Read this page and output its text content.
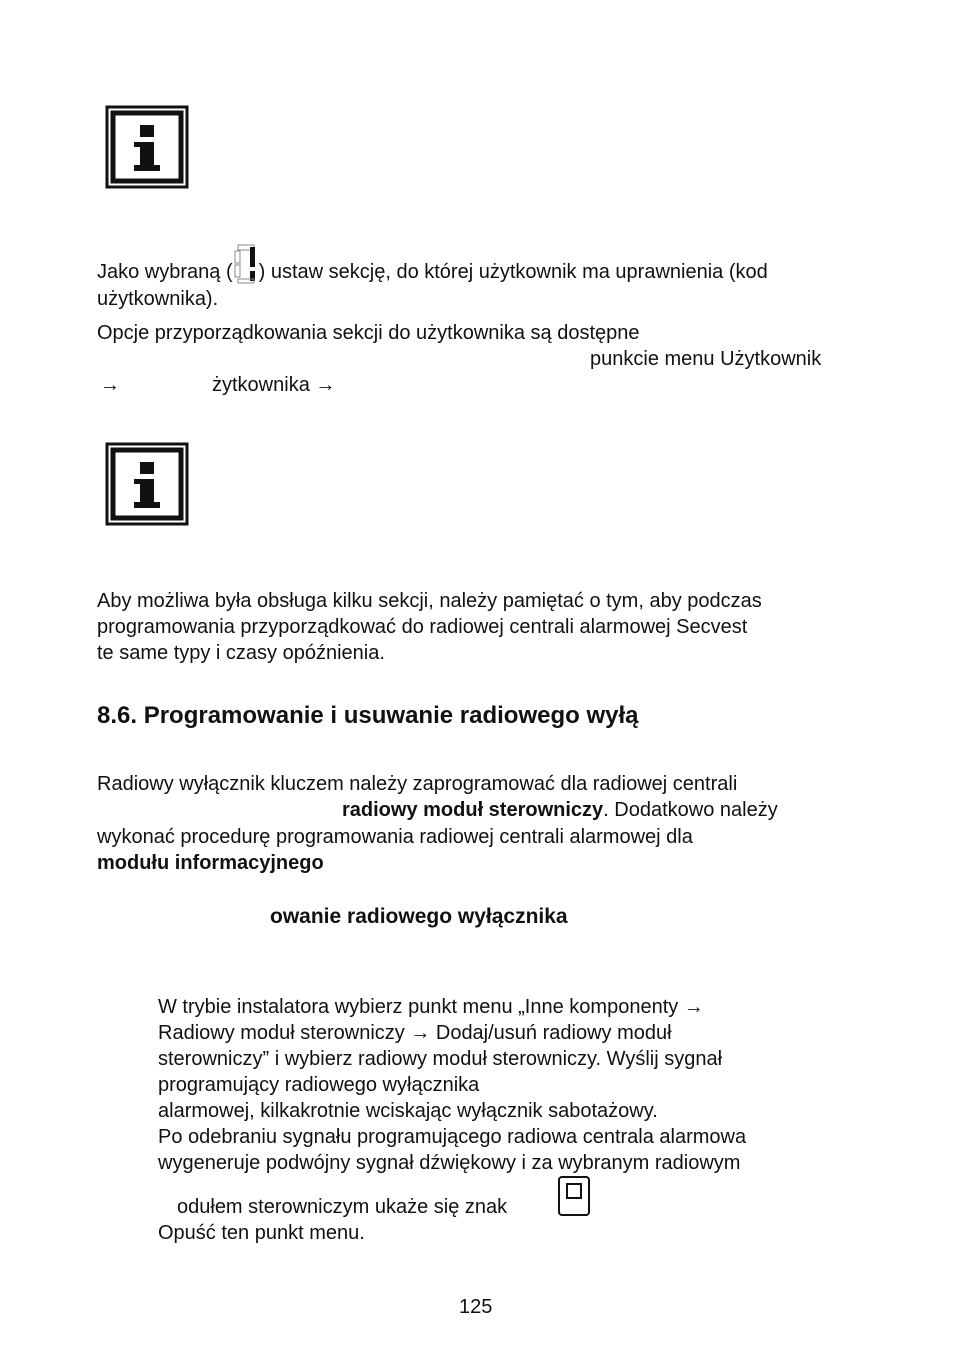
Jako wybraną ( ) ustaw sekcję, do której użytkownik ma uprawnienia (kod
użytkownika).
Opcje przyporządkowania sekcji do użytkownika są dostępne
punkcie menu Użytkownik
→	żytkownika →
Aby możliwa była obsługa kilku sekcji, należy pamiętać o tym, aby podczas
programowania przyporządkować do radiowej centrali alarmowej Secvest
te same typy i czasy opóźnienia.
8.6. Programowanie i usuwanie radiowego wyłą
Radiowy wyłącznik kluczem należy zaprogramować dla radiowej centrali
radiowy moduł sterowniczy. Dodatkowo należy
wykonać procedurę programowania radiowej centrali alarmowej dla
modułu informacyjnego
owanie radiowego wyłącznika
W trybie instalatora wybierz punkt menu „Inne komponenty →
Radiowy moduł sterowniczy → Dodaj/usuń radiowy moduł
sterowniczy” i wybierz radiowy moduł sterowniczy. Wyślij sygnał
programujący radiowego wyłącznika
alarmowej, kilkakrotnie wciskając wyłącznik sabotażowy.
Po odebraniu sygnału programującego radiowa centrala alarmowa
wygeneruje podwójny sygnał dźwiękowy i za wybranym radiowym
odułem sterowniczym ukaże się znak
Opuść ten punkt menu.
125
